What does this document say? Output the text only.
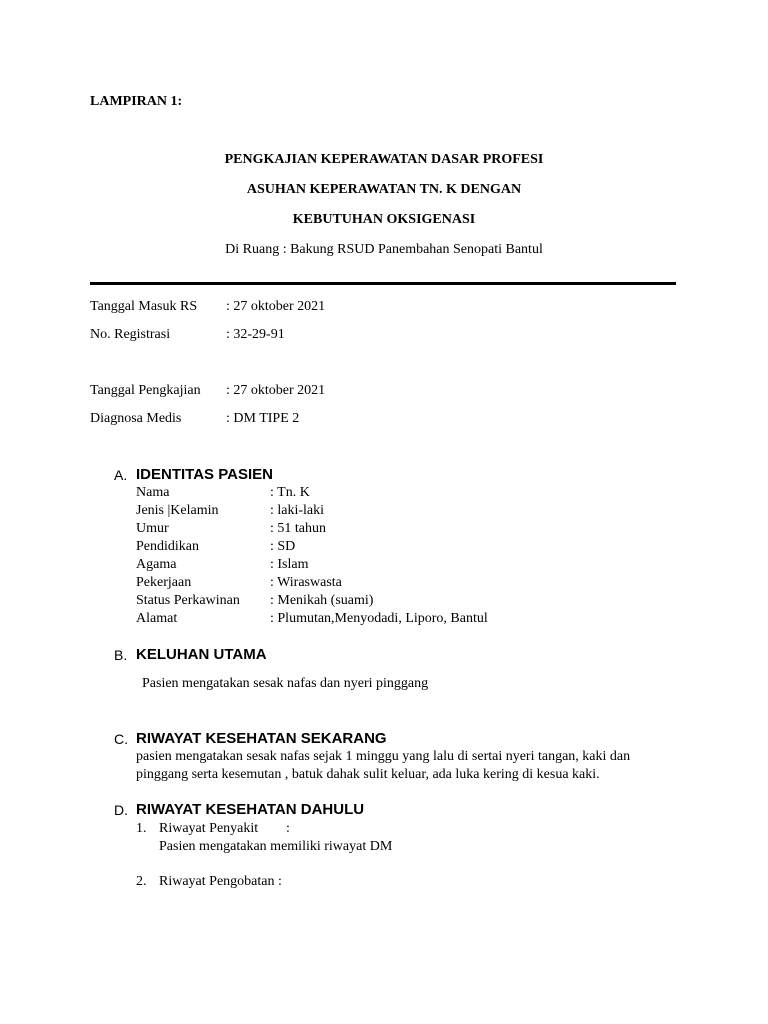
LAMPIRAN 1:
PENGKAJIAN KEPERAWATAN DASAR PROFESI
ASUHAN KEPERAWATAN TN. K DENGAN
KEBUTUHAN OKSIGENASI
Di Ruang : Bakung RSUD Panembahan Senopati Bantul
Tanggal Masuk RS : 27 oktober 2021
No. Registrasi	: 32-29-91
Tanggal Pengkajian : 27 oktober 2021
Diagnosa Medis	: DM TIPE 2
A. IDENTITAS PASIEN
Nama	: Tn. K
Jenis |Kelamin	: laki-laki
Umur	: 51 tahun
Pendidikan	: SD
Agama	: Islam
Pekerjaan	: Wiraswasta
Status Perkawinan : Menikah (suami)
Alamat	: Plumutan,Menyodadi, Liporo, Bantul
B. KELUHAN UTAMA
Pasien mengatakan sesak nafas dan nyeri pinggang
C. RIWAYAT KESEHATAN SEKARANG
pasien mengatakan sesak nafas sejak 1 minggu yang lalu di sertai nyeri tangan, kaki dan
pinggang serta kesemutan , batuk dahak sulit keluar, ada luka kering di kesua kaki.
D. RIWAYAT KESEHATAN DAHULU
1. Riwayat Penyakit :
Pasien mengatakan memiliki riwayat DM
2. Riwayat Pengobatan :
